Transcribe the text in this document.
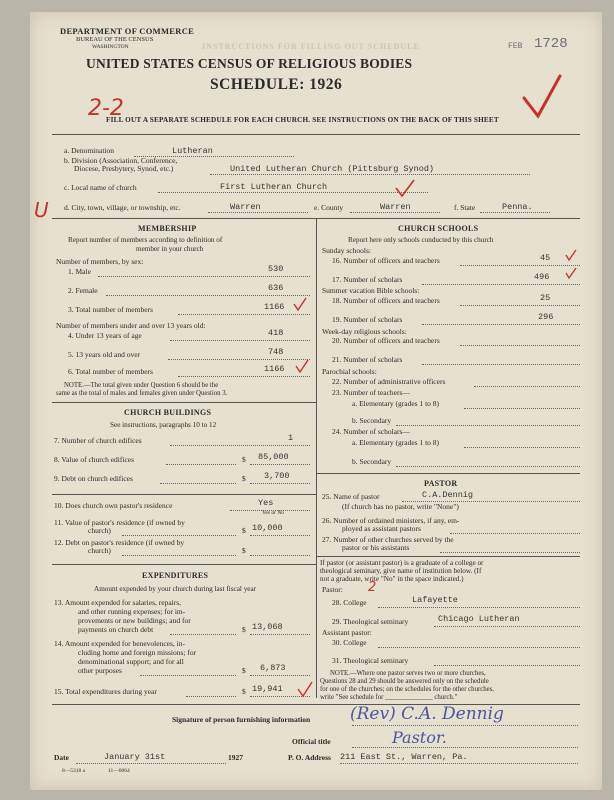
INSTRUCTIONS FOR FILLING OUT SCHEDULE
DEPARTMENT OF COMMERCE
BUREAU OF THE CENSUS
WASHINGTON	FEB 1728
UNITED STATES CENSUS OF RELIGIOUS BODIES
SCHEDULE: 1926
2-2
FILL OUT A SEPARATE SCHEDULE FOR EACH CHURCH. SEE INSTRUCTIONS ON THE BACK OF THIS SHEET
a. Denomination	Lutheran
b. Division (Association, Conference,
Diocese, Presbytery, Synod, etc.)	United Lutheran Church (Pittsburg Synod)
c. Local name of church	First Lutheran Church
U d. City, town, village, or township, etc.	Warren	e. County	Warren	f. State	Penna.
MEMBERSHIP
Report number of members according to definition of
member in your church
Number of members, by sex:
1. Male	530
2. Female	636
3. Total number of members	1166
Number of members under and over 13 years old:
4. Under 13 years of age	418
5. 13 years old and over	748
6. Total number of members	1166
NOTE.—The total given under Question 6 should be the
same as the total of males and females given under Question 3.
CHURCH BUILDINGS
See instructions, paragraphs 10 to 12
7. Number of church edifices	1
8. Value of church edifices	$ 85,000
9. Debt on church edifices	$ 3,700
10. Does church own pastor's residence	Yes
Yes or No
11. Value of pastor's residence (if owned by
church)	$ 10,000
12. Debt on pastor's residence (if owned by
church)	$
EXPENDITURES
Amount expended by your church during last fiscal year
13. Amount expended for salaries, repairs,
and other running expenses; for im-
provements or new buildings; and for
payments on church debt	$ 13,068
14. Amount expended for benevolences, in-
cluding home and foreign missions; for
denominational support; and for all
other purposes	$ 6,873
15. Total expenditures during year	$ 19,941
CHURCH SCHOOLS
Report here only schools conducted by this church
Sunday schools:
16. Number of officers and teachers	45
17. Number of scholars	496
Summer vacation Bible schools:
18. Number of officers and teachers	25
19. Number of scholars	296
Week-day religious schools:
20. Number of officers and teachers
21. Number of scholars
Parochial schools:
22. Number of administrative officers
23. Number of teachers—
a. Elementary (grades 1 to 8)
b. Secondary
24. Number of scholars—
a. Elementary (grades 1 to 8)
b. Secondary
PASTOR
25. Name of pastor	C.A.Dennig
(If church has no pastor, write "None")
26. Number of ordained ministers, if any, em-
ployed as assistant pastors
27. Number of other churches served by the
pastor or his assistants
If pastor (or assistant pastor) is a graduate of a college or
theological seminary, give name of institution below. (If
not a graduate, write "No" in the space indicated.)
Pastor: 2
28. College	Lafayette
29. Theological seminary	Chicago Lutheran
Assistant pastor:
30. College
31. Theological seminary
NOTE.—Where one pastor serves two or more churches,
Questions 28 and 29 should be answered only on the schedule
for one of the churches; on the schedules for the other churches,
write "See schedule for ______________ church."
Signature of person furnishing information (Rev) C.A. Dennig
Official title	Pastor.
Date	January 31st	1927	P. O. Address 211 East St., Warren, Pa.
8—5318 a	11—0064
